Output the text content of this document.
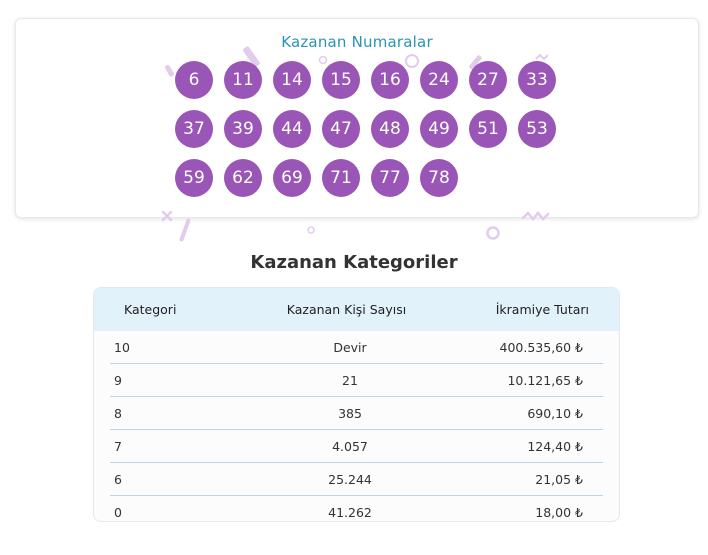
Kazanan Numaralar
6	11	14	15	16	24	27	33
37	39	44	47	48	49	51	53
59	62	69	71	77	78
Kazanan Kategoriler
Kategori	Kazanan Kişi Sayısı	İkramiye Tutarı
10	Devir	400.535,60 ₺
9	21	10.121,65 ₺
8	385	690,10 ₺
7	4.057	124,40 ₺
6	25.244	21,05 ₺
0	41.262	18,00 ₺
